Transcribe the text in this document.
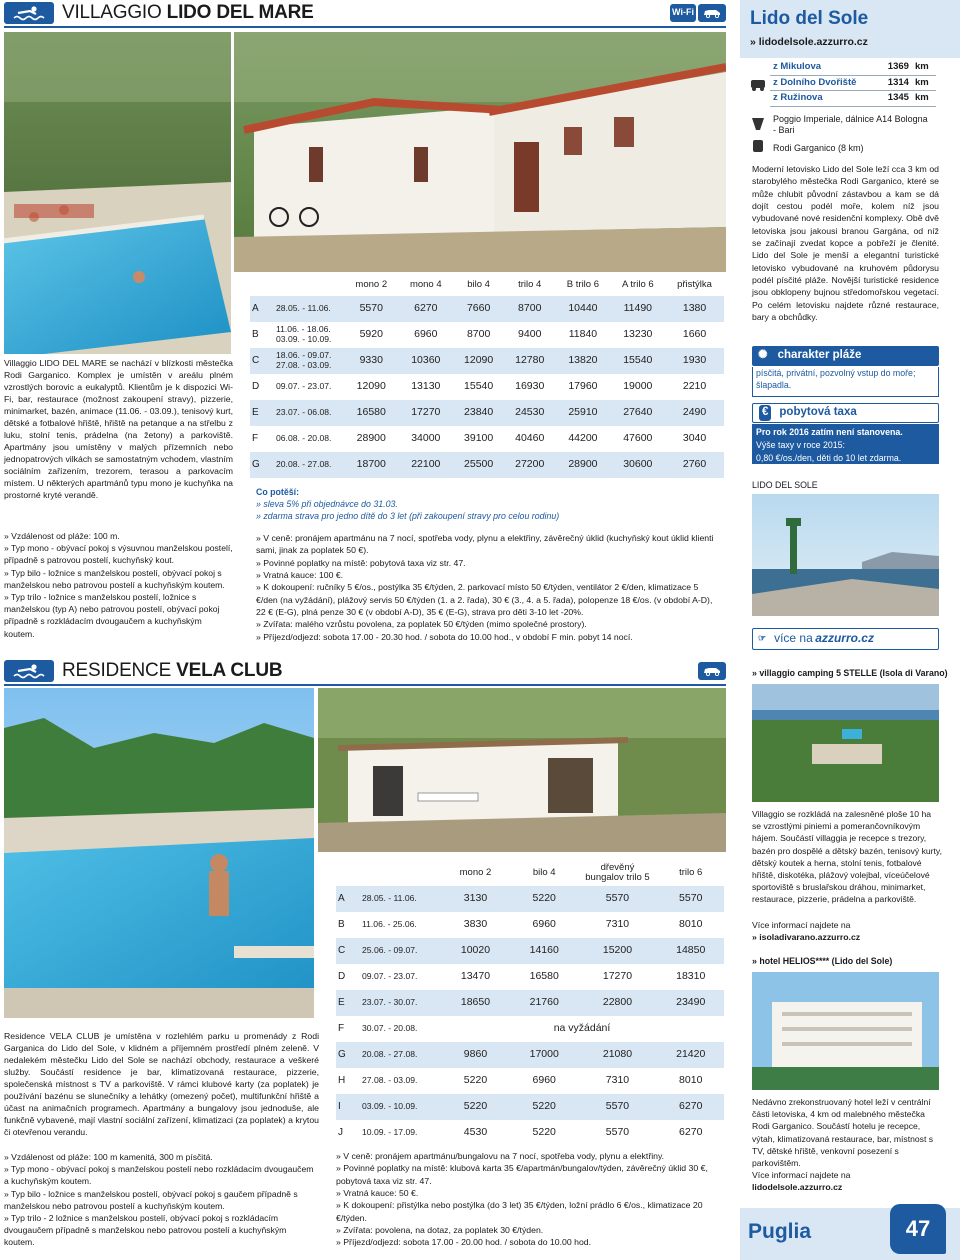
VILLAGGIO LIDO DEL MARE	Wi-Fi
Villaggio LIDO DEL MARE se nachází v blízkosti městečka Rodi Garganico. Komplex je umístěn v areálu plném vzrostlých borovic a eukalyptů. Klientům je k dispozici Wi-Fi, bar, restaurace (možnost zakoupení stravy), pizzerie, minimarket, bazén, animace (11.06. - 03.09.), tenisový kurt, dětské a fotbalové hřiště, hřiště na petanque a na střelbu z luku, stolní tenis, prádelna (na žetony) a parkoviště. Apartmány jsou umístěny v malých přízemních nebo jednopatrových vilkách se samostatným vchodem, vlastním sociálním zařízením, trezorem, terasou a parkovacím místem. U některých apartmánů typu mono je kuchyňka na prostorné kryté verandě.
» Vzdálenost od pláže: 100 m.
» Typ mono - obývací pokoj s výsuvnou manželskou postelí, případně s patrovou postelí, kuchyňský kout.
» Typ bilo - ložnice s manželskou postelí, obývací pokoj s manželskou nebo patrovou postelí a kuchyňským koutem.
» Typ trilo - ložnice s manželskou postelí, ložnice s manželskou (typ A) nebo patrovou postelí, obývací pokoj případně s rozkládacím dvougaučem a kuchyňským koutem.
		mono 2	mono 4	bilo 4	trilo 4	B trilo 6	A trilo 6	přistýlka
A	28.05. - 11.06.	5570	6270	7660	8700	10440	11490	1380
B	11.06. - 18.06. 03.09. - 10.09.	5920	6960	8700	9400	11840	13230	1660
C	18.06. - 09.07. 27.08. - 03.09.	9330	10360	12090	12780	13820	15540	1930
D	09.07. - 23.07.	12090	13130	15540	16930	17960	19000	2210
E	23.07. - 06.08.	16580	17270	23840	24530	25910	27640	2490
F	06.08. - 20.08.	28900	34000	39100	40460	44200	47600	3040
G	20.08. - 27.08.	18700	22100	25500	27200	28900	30600	2760
Co potěší:
» sleva 5% při objednávce do 31.03.
» zdarma strava pro jedno dítě do 3 let (při zakoupení stravy pro celou rodinu)
» V ceně: pronájem apartmánu na 7 nocí, spotřeba vody, plynu a elektřiny, závěrečný úklid (kuchyňský kout úklid klienti sami, jinak za poplatek 50 €).
» Povinné poplatky na místě: pobytová taxa viz str. 47.
» Vratná kauce: 100 €.
» K dokoupení: ručníky 5 €/os., postýlka 35 €/týden, 2. parkovací místo 50 €/týden, ventilátor 2 €/den, klimatizace 5 €/den (na vyžádání), plážový servis 50 €/týden (1. a 2. řada), 30 € (3., 4. a 5. řada), polopenze 18 €/os. (v období A-D), 22 € (E-G), plná penze 30 € (v období A-D), 35 € (E-G), strava pro děti 3-10 let -20%.
» Zvířata: malého vzrůstu povolena, za poplatek 50 €/týden (mimo společné prostory).
» Příjezd/odjezd: sobota 17.00 - 20.30 hod. / sobota do 10.00 hod., v období F min. pobyt 14 nocí.
RESIDENCE VELA CLUB
Residence VELA CLUB je umístěna v rozlehlém parku u promenády z Rodi Garganica do Lido del Sole, v klidném a příjemném prostředí plném zeleně. V nedalekém městečku Lido del Sole se nachází obchody, restaurace a veškeré služby. Součástí residence je bar, klimatizovaná restaurace, pizzerie, společenská místnost s TV a parkoviště. V rámci klubové karty (za poplatek) je používání bazénu se slunečníky a lehátky (omezený počet), multifunkční hřiště a účast na animačních programech. Apartmány a bungalovy jsou jednoduše, ale funkčně vybavené, mají vlastní sociální zařízení, klimatizaci (za poplatek) a krytou či otevřenou verandu.
» Vzdálenost od pláže: 100 m kamenitá, 300 m písčitá.
» Typ mono - obývací pokoj s manželskou postelí nebo rozkládacím dvougaučem a kuchyňským koutem.
» Typ bilo - ložnice s manželskou postelí, obývací pokoj s gaučem případně s manželskou nebo patrovou postelí a kuchyňským koutem.
» Typ trilo - 2 ložnice s manželskou postelí, obývací pokoj s rozkládacím dvougaučem případně s manželskou nebo patrovou postelí a kuchyňským koutem.
		mono 2	bilo 4	dřevěný bungalov trilo 5	trilo 6
A	28.05. - 11.06.	3130	5220	5570	5570
B	11.06. - 25.06.	3830	6960	7310	8010
C	25.06. - 09.07.	10020	14160	15200	14850
D	09.07. - 23.07.	13470	16580	17270	18310
E	23.07. - 30.07.	18650	21760	22800	23490
F	30.07. - 20.08.	na vyžádání			
G	20.08. - 27.08.	9860	17000	21080	21420
H	27.08. - 03.09.	5220	6960	7310	8010
I	03.09. - 10.09.	5220	5220	5570	6270
J	10.09. - 17.09.	4530	5220	5570	6270
» V ceně: pronájem apartmánu/bungalovu na 7 nocí, spotřeba vody, plynu a elektřiny.
» Povinné poplatky na místě: klubová karta 35 €/apartmán/bungalov/týden, závěrečný úklid 30 €, pobytová taxa viz str. 47.
» Vratná kauce: 50 €.
» K dokoupení: přistýlka nebo postýlka (do 3 let) 35 €/týden, ložní prádlo 6 €/os., klimatizace 20 €/týden.
» Zvířata: povolena, na dotaz, za poplatek 30 €/týden.
» Příjezd/odjezd: sobota 17.00 - 20.00 hod. / sobota do 10.00 hod.
Lido del Sole
» lidodelsole.azzurro.cz
z Mikulova	1369	km
z Dolního Dvořiště	1314	km
z Ružinova	1345	km
Poggio Imperiale, dálnice A14 Bologna - Bari
Rodi Garganico (8 km)
Moderní letovisko Lido del Sole leží cca 3 km od starobylého městečka Rodi Garganico, které se může chlubit původní zástavbou a kam se dá dojít cestou podél moře, kolem níž jsou vybudované nové residenční komplexy. Obě dvě letoviska jsou jakousi branou Gargána, od níž se začínají zvedat kopce a pobřeží je členité. Lido del Sole je menší a elegantní turistické letovisko vybudované na kruhovém půdorysu podél písčité pláže. Novější turistické residence jsou obklopeny bujnou středomořskou vegetací. Po celém letovisku najdete různé restaurace, bary a obchůdky.
✺ charakter pláže
písčitá, privátní, pozvolný vstup do moře; šlapadla.
€ pobytová taxa
Pro rok 2016 zatím není stanovena.
Výše taxy v roce 2015:
0,80 €/os./den, děti do 10 let zdarma.
LIDO DEL SOLE
☞ více na
azzurro.cz
» villaggio camping 5 STELLE (Isola di Varano)
Villaggio se rozkládá na zalesněné ploše 10 ha se vzrostlými piniemi a pomerančovníkovým hájem. Součástí villaggia je recepce s trezory, bazén pro dospělé a dětský bazén, tenisový kurty, dětský koutek a herna, stolní tenis, fotbalové hřiště, diskotéka, plážový volejbal, víceúčelové sportoviště s bruslařskou dráhou, minimarket, restaurace, pizzerie, prádelna a parkoviště.
Více informací najdete na
» isoladivarano.azzurro.cz
» hotel HELIOS**** (Lido del Sole)
Nedávno zrekonstruovaný hotel leží v centrální části letoviska, 4 km od malebného městečka Rodi Garganico. Součástí hotelu je recepce, výtah, klimatizovaná restaurace, bar, místnost s TV, dětské hřiště, venkovní posezení s parkovištěm.
Více informací najdete na
lidodelsole.azzurro.cz
Puglia	47
